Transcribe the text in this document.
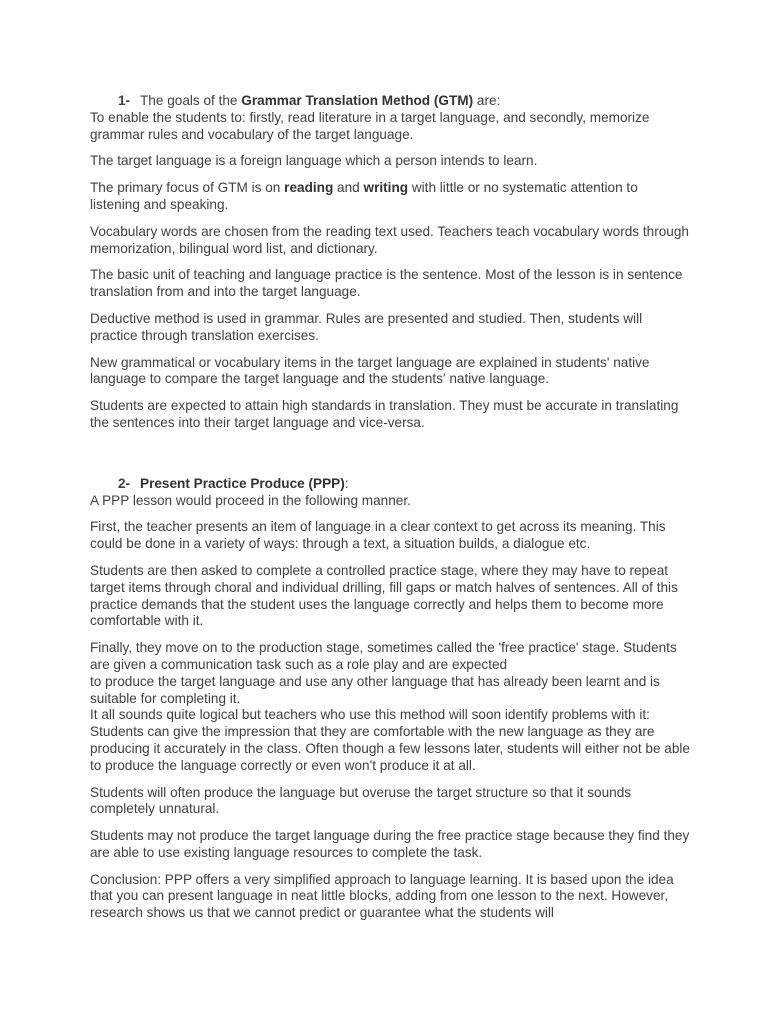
1- The goals of the Grammar Translation Method (GTM) are:

To enable the students to: firstly, read literature in a target language, and secondly, memorize grammar rules and vocabulary of the target language.

The target language is a foreign language which a person intends to learn.

The primary focus of GTM is on reading and writing with little or no systematic attention to listening and speaking.

Vocabulary words are chosen from the reading text used. Teachers teach vocabulary words through memorization, bilingual word list, and dictionary.

The basic unit of teaching and language practice is the sentence. Most of the lesson is in sentence translation from and into the target language.

Deductive method is used in grammar. Rules are presented and studied. Then, students will practice through translation exercises.

New grammatical or vocabulary items in the target language are explained in students' native language to compare the target language and the students' native language.

Students are expected to attain high standards in translation. They must be accurate in translating the sentences into their target language and vice-versa.

2- Present Practice Produce (PPP):

A PPP lesson would proceed in the following manner.

First, the teacher presents an item of language in a clear context to get across its meaning. This could be done in a variety of ways: through a text, a situation builds, a dialogue etc.

Students are then asked to complete a controlled practice stage, where they may have to repeat target items through choral and individual drilling, fill gaps or match halves of sentences. All of this practice demands that the student uses the language correctly and helps them to become more comfortable with it.

Finally, they move on to the production stage, sometimes called the 'free practice' stage. Students are given a communication task such as a role play and are expected

to produce the target language and use any other language that has already been learnt and is suitable for completing it.

It all sounds quite logical but teachers who use this method will soon identify problems with it: Students can give the impression that they are comfortable with the new language as they are producing it accurately in the class. Often though a few lessons later, students will either not be able to produce the language correctly or even won't produce it at all.

Students will often produce the language but overuse the target structure so that it sounds completely unnatural.

Students may not produce the target language during the free practice stage because they find they are able to use existing language resources to complete the task.

Conclusion: PPP offers a very simplified approach to language learning. It is based upon the idea that you can present language in neat little blocks, adding from one lesson to the next. However, research shows us that we cannot predict or guarantee what the students will
